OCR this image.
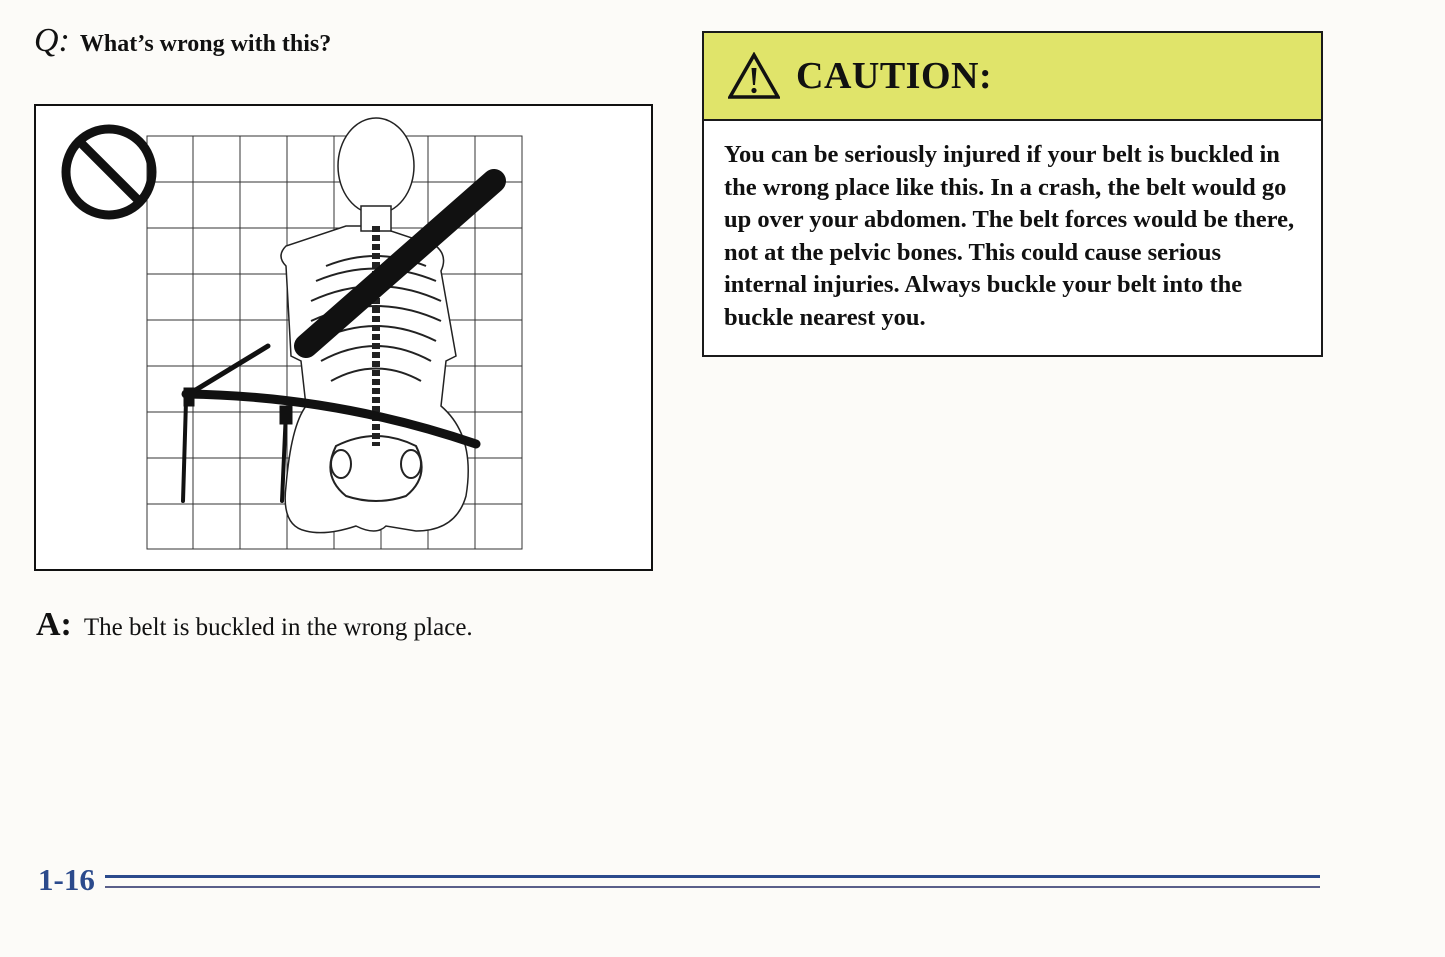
Q: What’s wrong with this?
A: The belt is buckled in the wrong place.
CAUTION:
You can be seriously injured if your belt is buckled in the wrong place like this. In a crash, the belt would go up over your abdomen. The belt forces would be there, not at the pelvic bones. This could cause serious internal injuries. Always buckle your belt into the buckle nearest you.
1-16
